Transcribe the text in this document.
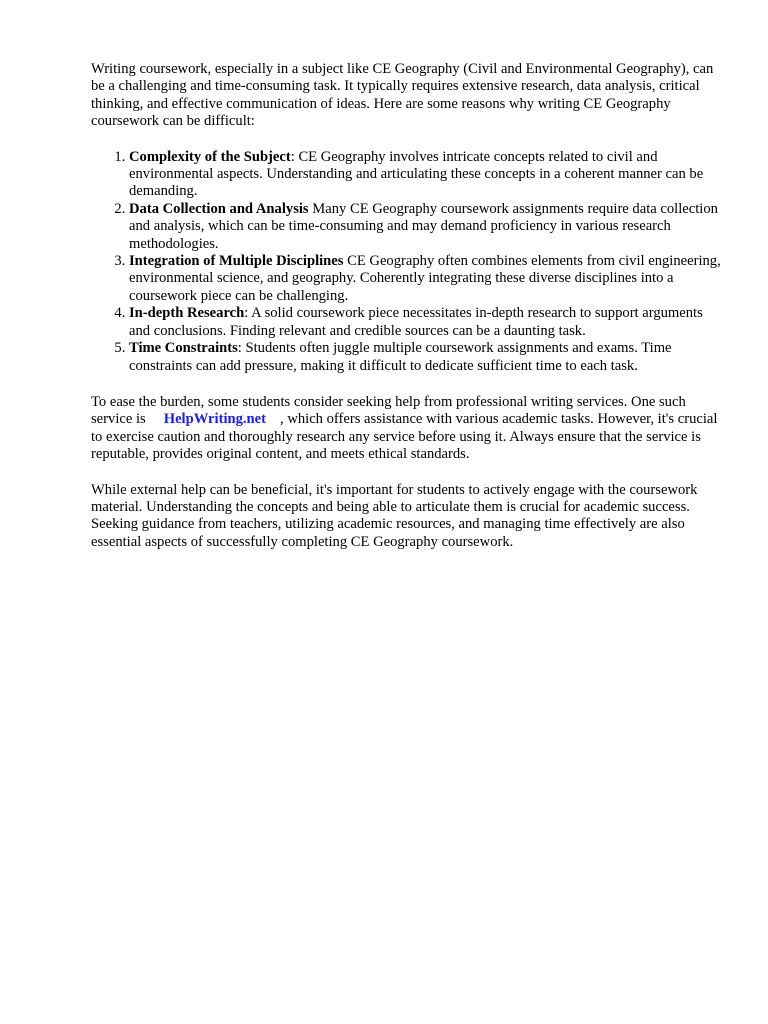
Writing coursework, especially in a subject like CE Geography (Civil and Environmental Geography), can be a challenging and time-consuming task. It typically requires extensive research, data analysis, critical thinking, and effective communication of ideas. Here are some reasons why writing CE Geography coursework can be difficult:

1. Complexity of the Subject: CE Geography involves intricate concepts related to civil and environmental aspects. Understanding and articulating these concepts in a coherent manner can be demanding.
2. Data Collection and Analysis Many CE Geography coursework assignments require data collection and analysis, which can be time-consuming and may demand proficiency in various research methodologies.
3. Integration of Multiple Disciplines CE Geography often combines elements from civil engineering, environmental science, and geography. Coherently integrating these diverse disciplines into a coursework piece can be challenging.
4. In-depth Research: A solid coursework piece necessitates in-depth research to support arguments and conclusions. Finding relevant and credible sources can be a daunting task.
5. Time Constraints: Students often juggle multiple coursework assignments and exams. Time constraints can add pressure, making it difficult to dedicate sufficient time to each task.

To ease the burden, some students consider seeking help from professional writing services. One such service is HelpWriting.net , which offers assistance with various academic tasks. However, it's crucial to exercise caution and thoroughly research any service before using it. Always ensure that the service is reputable, provides original content, and meets ethical standards.

While external help can be beneficial, it's important for students to actively engage with the coursework material. Understanding the concepts and being able to articulate them is crucial for academic success. Seeking guidance from teachers, utilizing academic resources, and managing time effectively are also essential aspects of successfully completing CE Geography coursework.
